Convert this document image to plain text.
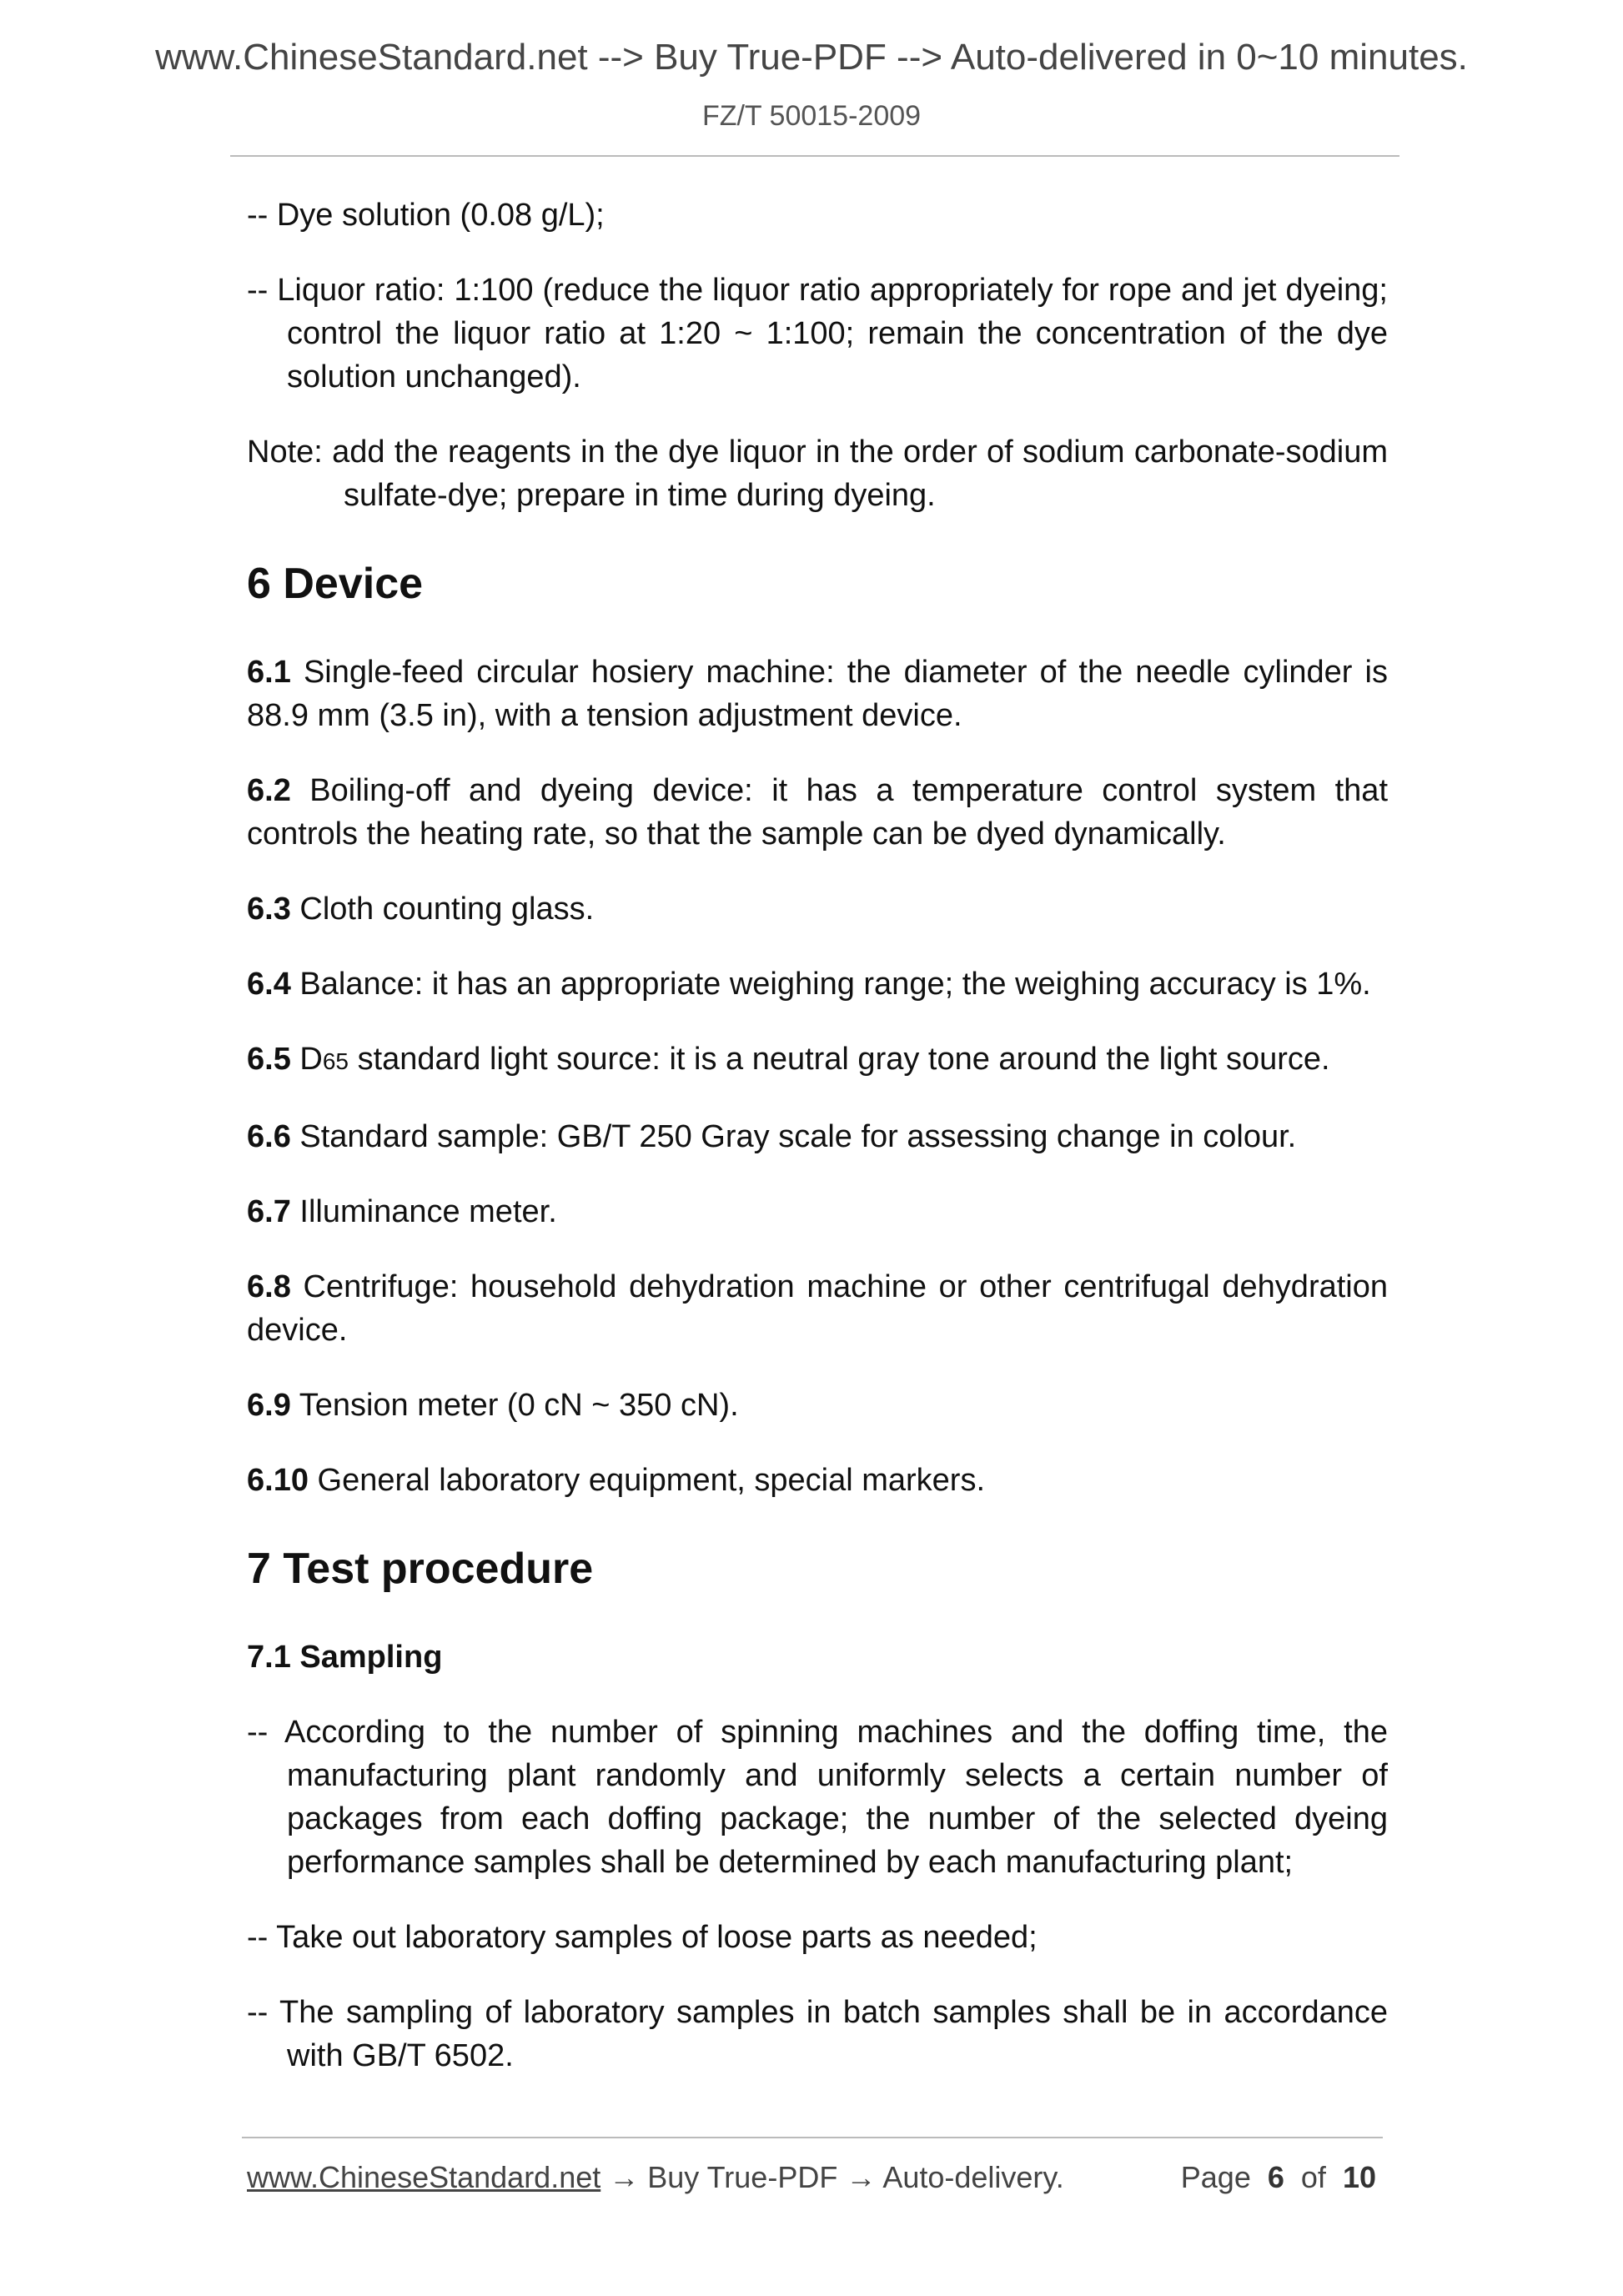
www.ChineseStandard.net --> Buy True-PDF --> Auto-delivered in 0~10 minutes.
FZ/T 50015-2009

-- Dye solution (0.08 g/L);

-- Liquor ratio: 1:100 (reduce the liquor ratio appropriately for rope and jet dyeing; control the liquor ratio at 1:20 ~ 1:100; remain the concentration of the dye solution unchanged).

Note: add the reagents in the dye liquor in the order of sodium carbonate-sodium sulfate-dye; prepare in time during dyeing.

6 Device

6.1 Single-feed circular hosiery machine: the diameter of the needle cylinder is 88.9 mm (3.5 in), with a tension adjustment device.

6.2 Boiling-off and dyeing device: it has a temperature control system that controls the heating rate, so that the sample can be dyed dynamically.

6.3 Cloth counting glass.

6.4 Balance: it has an appropriate weighing range; the weighing accuracy is 1%.

6.5 D65 standard light source: it is a neutral gray tone around the light source.

6.6 Standard sample: GB/T 250 Gray scale for assessing change in colour.

6.7 Illuminance meter.

6.8 Centrifuge: household dehydration machine or other centrifugal dehydration device.

6.9 Tension meter (0 cN ~ 350 cN).

6.10 General laboratory equipment, special markers.

7 Test procedure

7.1 Sampling

-- According to the number of spinning machines and the doffing time, the manufacturing plant randomly and uniformly selects a certain number of packages from each doffing package; the number of the selected dyeing performance samples shall be determined by each manufacturing plant;

-- Take out laboratory samples of loose parts as needed;

-- The sampling of laboratory samples in batch samples shall be in accordance with GB/T 6502.

www.ChineseStandard.net → Buy True-PDF → Auto-delivery.	Page 6 of 10
